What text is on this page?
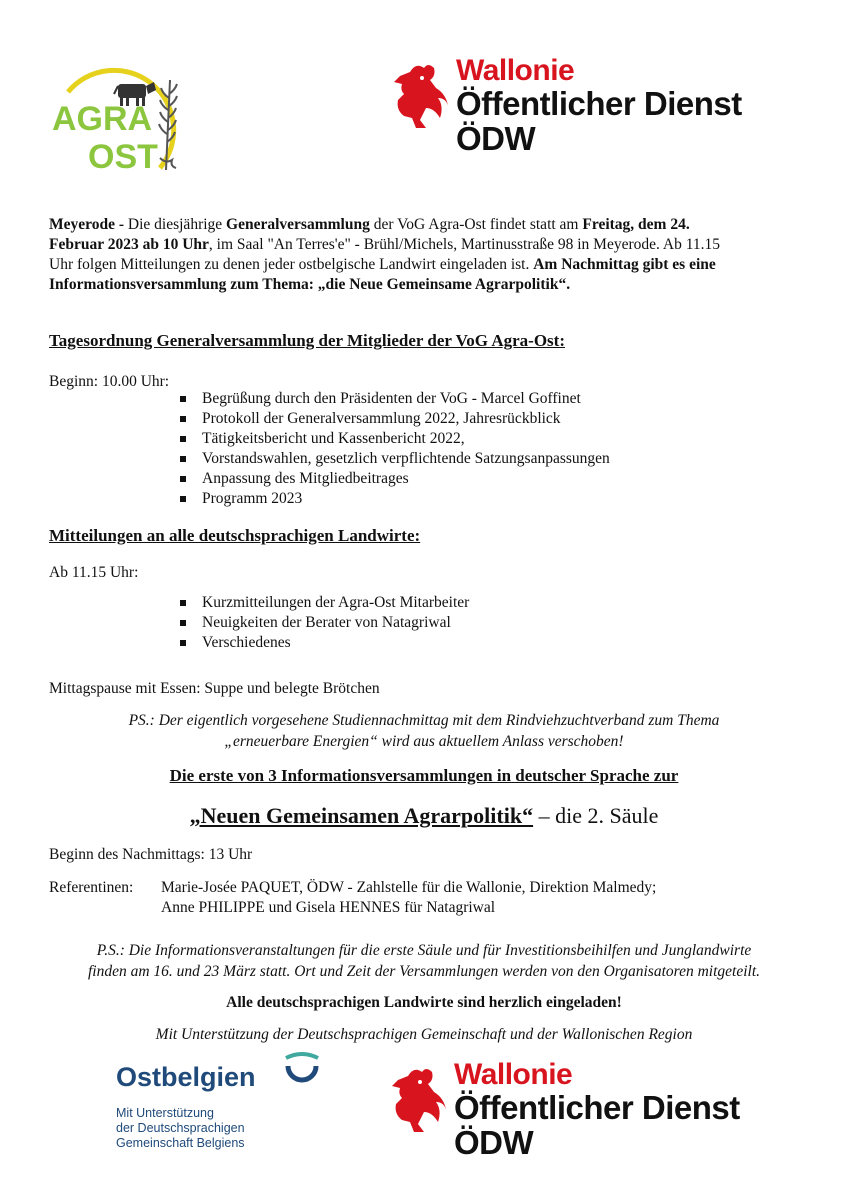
AGRA
OST
Wallonie
Öffentlicher Dienst
ÖDW
Meyerode - Die diesjährige Generalversammlung der VoG Agra-Ost findet statt am Freitag, dem 24.
Februar 2023 ab 10 Uhr, im Saal "An Terres'e" - Brühl/Michels, Martinusstraße 98 in Meyerode. Ab 11.15
Uhr folgen Mitteilungen zu denen jeder ostbelgische Landwirt eingeladen ist. Am Nachmittag gibt es eine
Informationsversammlung zum Thema: „die Neue Gemeinsame Agrarpolitik“.
Tagesordnung Generalversammlung der Mitglieder der VoG Agra-Ost:
Beginn: 10.00 Uhr:
Begrüßung durch den Präsidenten der VoG - Marcel Goffinet
Protokoll der Generalversammlung 2022, Jahresrückblick
Tätigkeitsbericht und Kassenbericht 2022,
Vorstandswahlen, gesetzlich verpflichtende Satzungsanpassungen
Anpassung des Mitgliedbeitrages
Programm 2023
Mitteilungen an alle deutschsprachigen Landwirte:
Ab 11.15 Uhr:
Kurzmitteilungen der Agra-Ost Mitarbeiter
Neuigkeiten der Berater von Natagriwal
Verschiedenes
Mittagspause mit Essen: Suppe und belegte Brötchen
PS.: Der eigentlich vorgesehene Studiennachmittag mit dem Rindviehzuchtverband zum Thema
„erneuerbare Energien“ wird aus aktuellem Anlass verschoben!
Die erste von 3 Informationsversammlungen in deutscher Sprache zur
„Neuen Gemeinsamen Agrarpolitik“ – die 2. Säule
Beginn des Nachmittags: 13 Uhr
Referentinen: Marie-Josée PAQUET, ÖDW - Zahlstelle für die Wallonie, Direktion Malmedy;
Anne PHILIPPE und Gisela HENNES für Natagriwal
P.S.: Die Informationsveranstaltungen für die erste Säule und für Investitionsbeihilfen und Junglandwirte
finden am 16. und 23 März statt. Ort und Zeit der Versammlungen werden von den Organisatoren mitgeteilt.
Alle deutschsprachigen Landwirte sind herzlich eingeladen!
Mit Unterstützung der Deutschsprachigen Gemeinschaft und der Wallonischen Region
Ostbelgien
Mit Unterstützung
der Deutschsprachigen
Gemeinschaft Belgiens
Wallonie
Öffentlicher Dienst
ÖDW
